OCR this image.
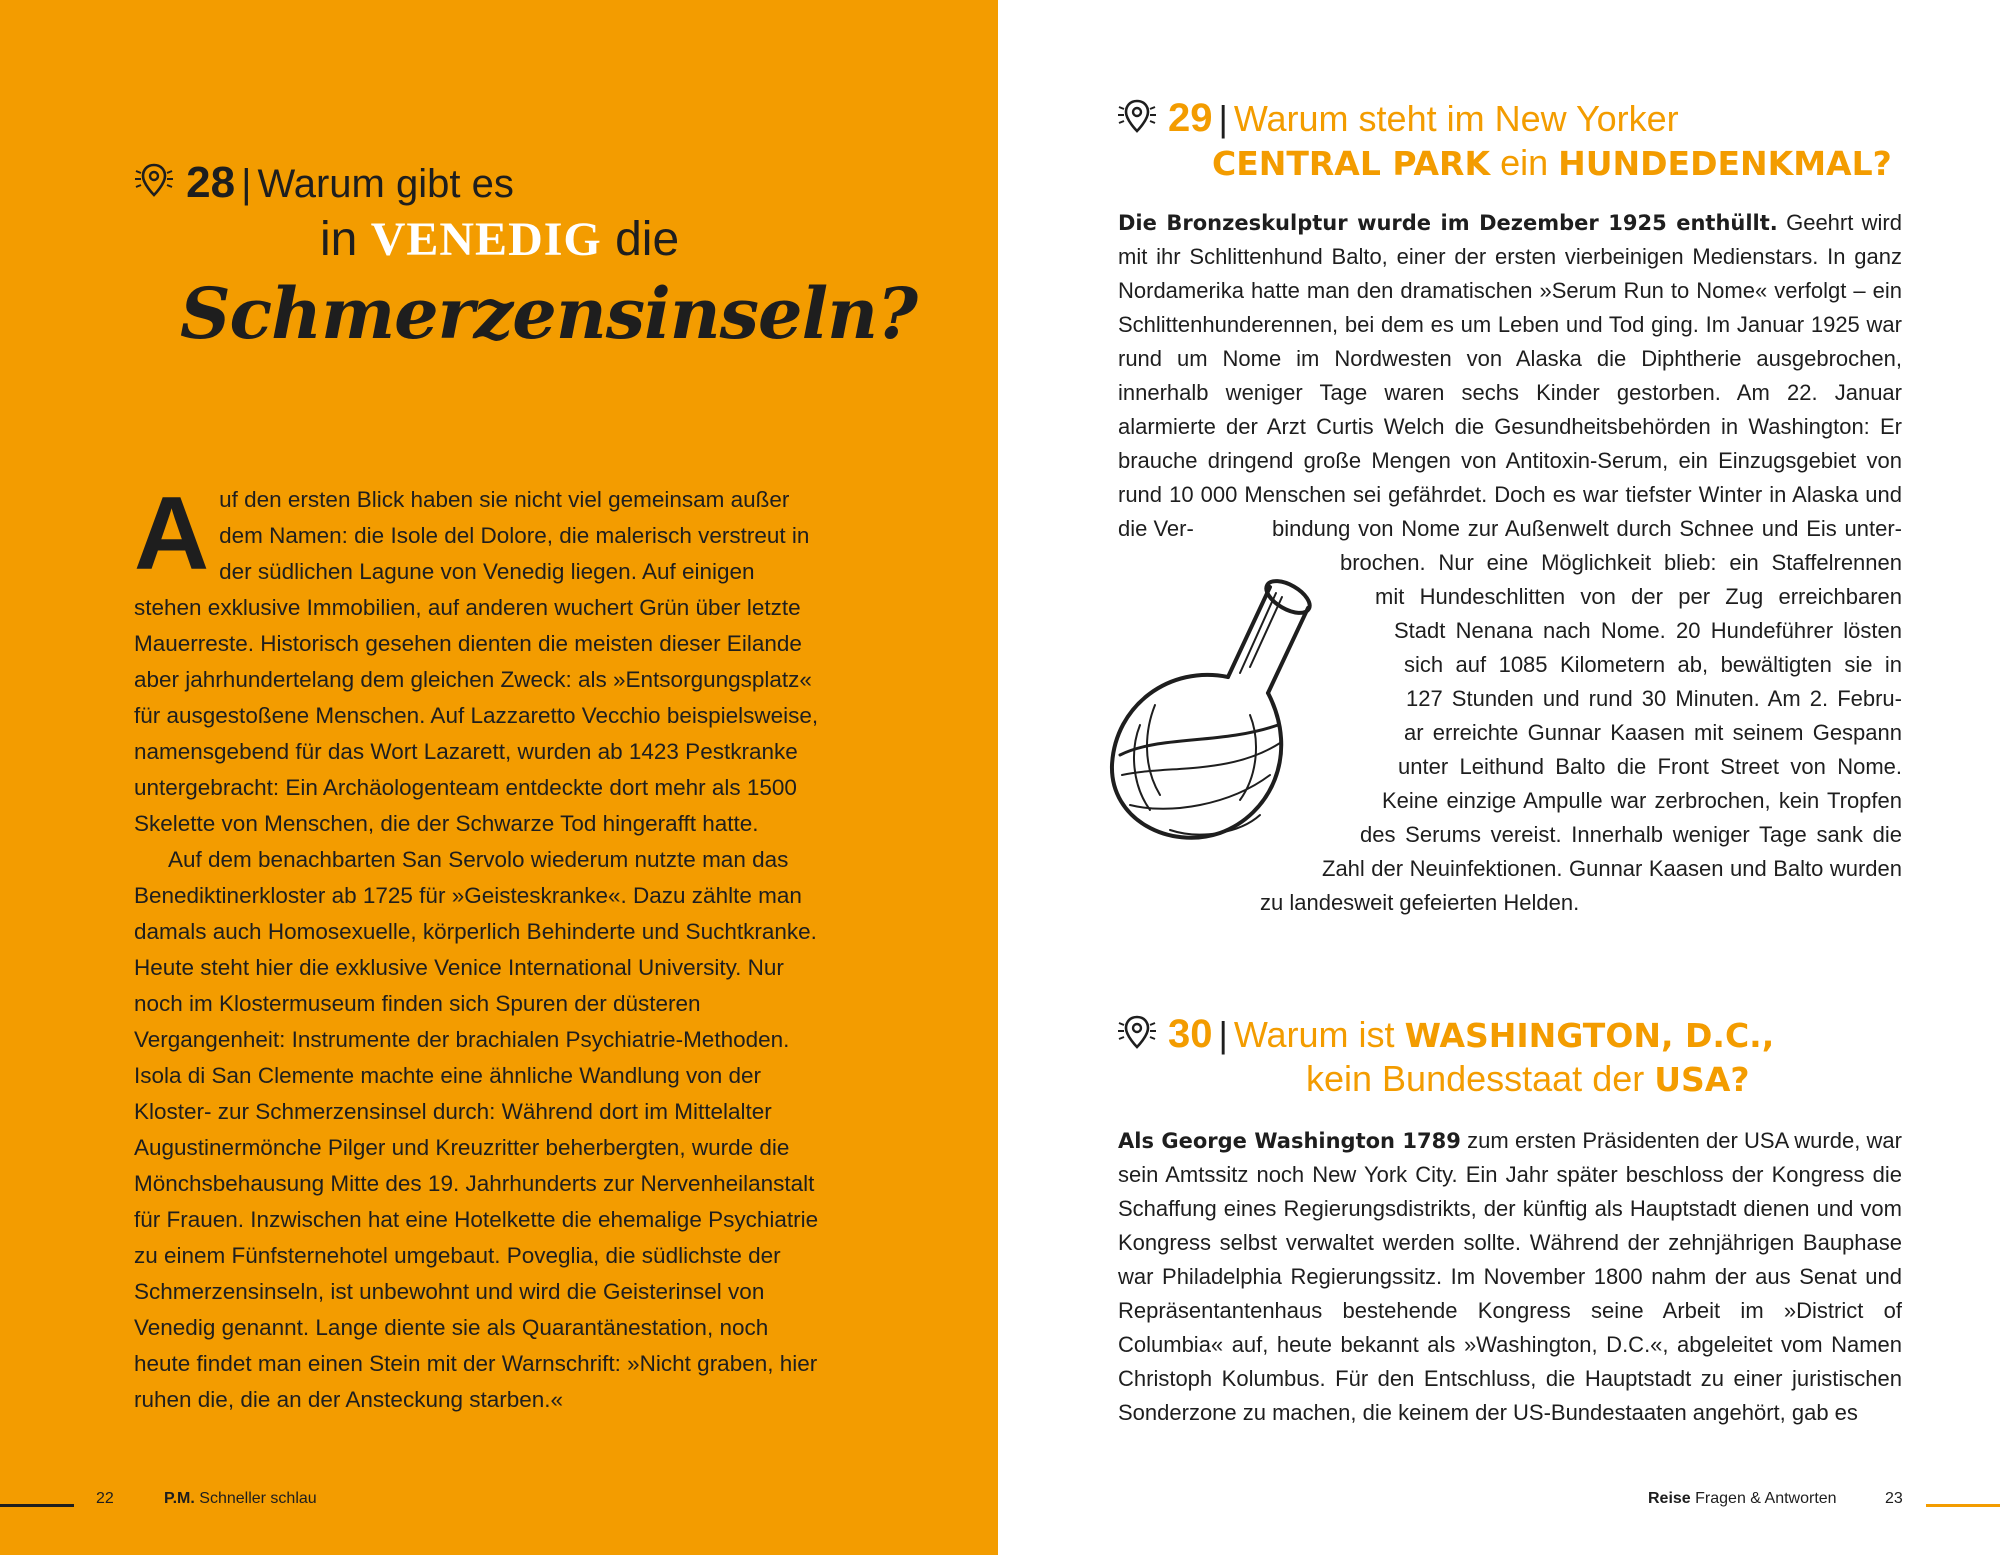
28 | Warum gibt es
in VENEDIG die
Schmerzensinseln?
A uf den ersten Blick haben sie nicht viel gemeinsam außer dem Namen: die Isole del Dolore, die malerisch verstreut in der südlichen Lagune von Venedig liegen. Auf einigen stehen exklusive Immobilien, auf anderen wuchert Grün über letzte Mauerreste. Historisch gesehen dienten die meisten dieser Eilande aber jahrhundertelang dem gleichen Zweck: als »Entsorgungsplatz« für ausgestoßene Menschen. Auf Lazzaretto Vecchio beispielsweise, namensgebend für das Wort Lazarett, wurden ab 1423 Pestkranke untergebracht: Ein Archäologenteam entdeckte dort mehr als 1500 Skelette von Menschen, die der Schwarze Tod hingerafft hatte.

Auf dem benachbarten San Servolo wiederum nutzte man das Benediktinerkloster ab 1725 für »Geisteskranke«. Dazu zählte man damals auch Homosexuelle, körperlich Behinderte und Suchtkranke. Heute steht hier die exklusive Venice International University. Nur noch im Klostermuseum finden sich Spuren der düsteren Vergangenheit: Instrumente der brachialen Psychiatrie-Methoden. Isola di San Clemente machte eine ähnliche Wandlung von der Kloster- zur Schmerzensinsel durch: Während dort im Mittelalter Augustinermönche Pilger und Kreuzritter beherbergten, wurde die Mönchsbehausung Mitte des 19. Jahrhunderts zur Nervenheilanstalt für Frauen. Inzwischen hat eine Hotelkette die ehemalige Psychiatrie zu einem Fünfsternehotel umgebaut. Poveglia, die südlichste der Schmerzensinseln, ist unbewohnt und wird die Geisterinsel von Venedig genannt. Lange diente sie als Quarantänestation, noch heute findet man einen Stein mit der Warnschrift: »Nicht graben, hier ruhen die, die an der Ansteckung starben.«

29 | Warum steht im New Yorker
CENTRAL PARK ein HUNDEDENKMAL?
Die Bronzeskulptur wurde im Dezember 1925 enthüllt. Geehrt wird mit ihr Schlittenhund Balto, einer der ersten vierbeinigen Medienstars. In ganz Nordamerika hatte man den dramatischen »Serum Run to Nome« verfolgt – ein Schlittenhunderennen, bei dem es um Leben und Tod ging. Im Januar 1925 war rund um Nome im Nordwesten von Alaska die Diphtherie ausgebrochen, innerhalb weniger Tage waren sechs Kinder gestorben. Am 22. Januar alarmierte der Arzt Curtis Welch die Gesundheitsbehörden in Washington: Er brauche dringend große Mengen von Antitoxin-Serum, ein Einzugsgebiet von rund 10 000 Menschen sei gefährdet. Doch es war tiefster Winter in Alaska und die Ver-	bindung von Nome zur Außenwelt durch Schnee und Eis unter-
brochen. Nur eine Möglichkeit blieb: ein Staffelrennen
mit Hundeschlitten von der per Zug erreichbaren
Stadt Nenana nach Nome. 20 Hundeführer lösten
sich auf 1085 Kilometern ab, bewältigten sie in
127 Stunden und rund 30 Minuten. Am 2. Febru-
ar erreichte Gunnar Kaasen mit seinem Gespann
unter Leithund Balto die Front Street von Nome.
Keine einzige Ampulle war zerbrochen, kein Tropfen
des Serums vereist. Innerhalb weniger Tage sank die
Zahl der Neuinfektionen. Gunnar Kaasen und Balto wurden
zu landesweit gefeierten Helden.
30 | Warum ist WASHINGTON, D.C.,
kein Bundesstaat der USA?
Als George Washington 1789 zum ersten Präsidenten der USA wurde, war sein Amtssitz noch New York City. Ein Jahr später beschloss der Kongress die Schaffung eines Regierungsdistrikts, der künftig als Hauptstadt dienen und vom Kongress selbst verwaltet werden sollte. Während der zehnjährigen Bauphase war Philadelphia Regierungssitz. Im November 1800 nahm der aus Senat und Repräsentantenhaus bestehende Kongress seine Arbeit im »District of Columbia« auf, heute bekannt als »Washington, D.C.«, abgeleitet vom Namen Christoph Kolumbus. Für den Entschluss, die Hauptstadt zu einer juristischen Sonderzone zu machen, die keinem der US-Bundestaaten angehört, gab es
22	P.M. Schneller schlau	Reise Fragen & Antworten	23
